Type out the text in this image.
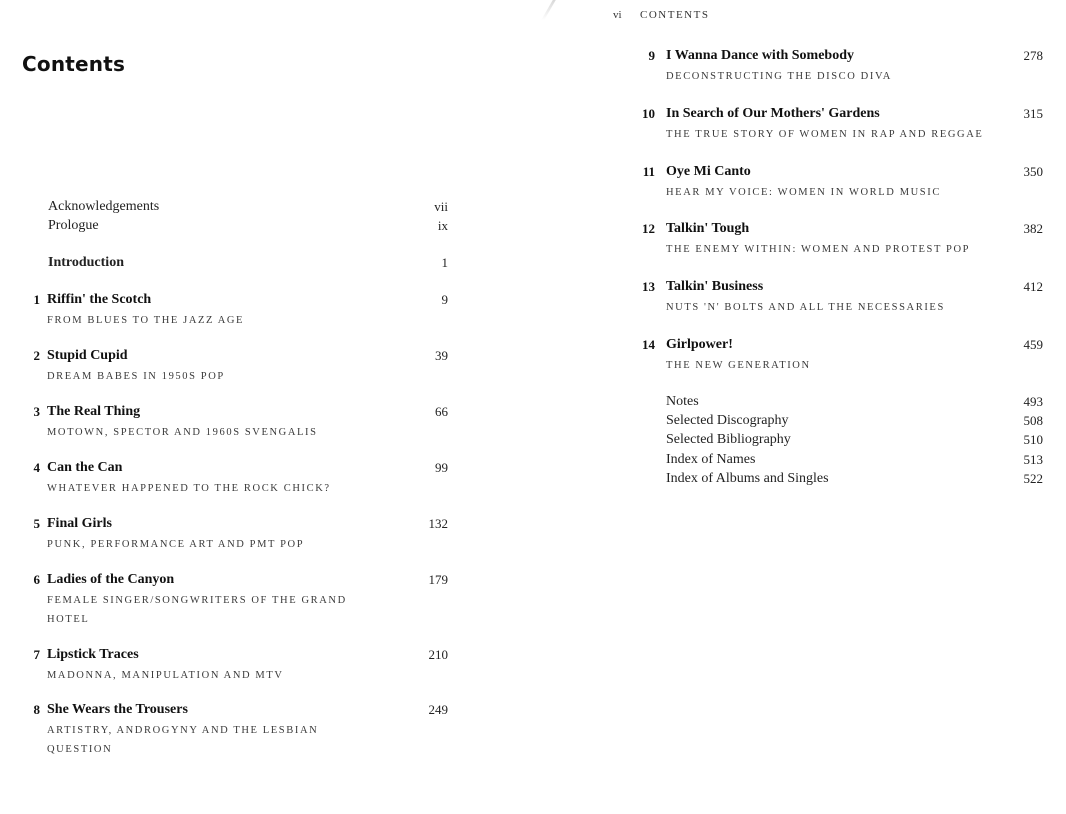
Contents
Acknowledgements	vii
Prologue	ix
Introduction	1
1 Riffin' the Scotch	9
FROM BLUES TO THE JAZZ AGE
2 Stupid Cupid	39
DREAM BABES IN 1950S POP
3 The Real Thing	66
MOTOWN, SPECTOR AND 1960S SVENGALIS
4 Can the Can	99
WHATEVER HAPPENED TO THE ROCK CHICK?
5 Final Girls	132
PUNK, PERFORMANCE ART AND PMT POP
6 Ladies of the Canyon	179
FEMALE SINGER/SONGWRITERS OF THE GRAND HOTEL
7 Lipstick Traces	210
MADONNA, MANIPULATION AND MTV
8 She Wears the Trousers	249
ARTISTRY, ANDROGYNY AND THE LESBIAN QUESTION
vi CONTENTS
9 I Wanna Dance with Somebody	278
DECONSTRUCTING THE DISCO DIVA
10 In Search of Our Mothers' Gardens	315
THE TRUE STORY OF WOMEN IN RAP AND REGGAE
11 Oye Mi Canto	350
HEAR MY VOICE: WOMEN IN WORLD MUSIC
12 Talkin' Tough	382
THE ENEMY WITHIN: WOMEN AND PROTEST POP
13 Talkin' Business	412
NUTS 'N' BOLTS AND ALL THE NECESSARIES
14 Girlpower!	459
THE NEW GENERATION
Notes	493
Selected Discography	508
Selected Bibliography	510
Index of Names	513
Index of Albums and Singles	522
